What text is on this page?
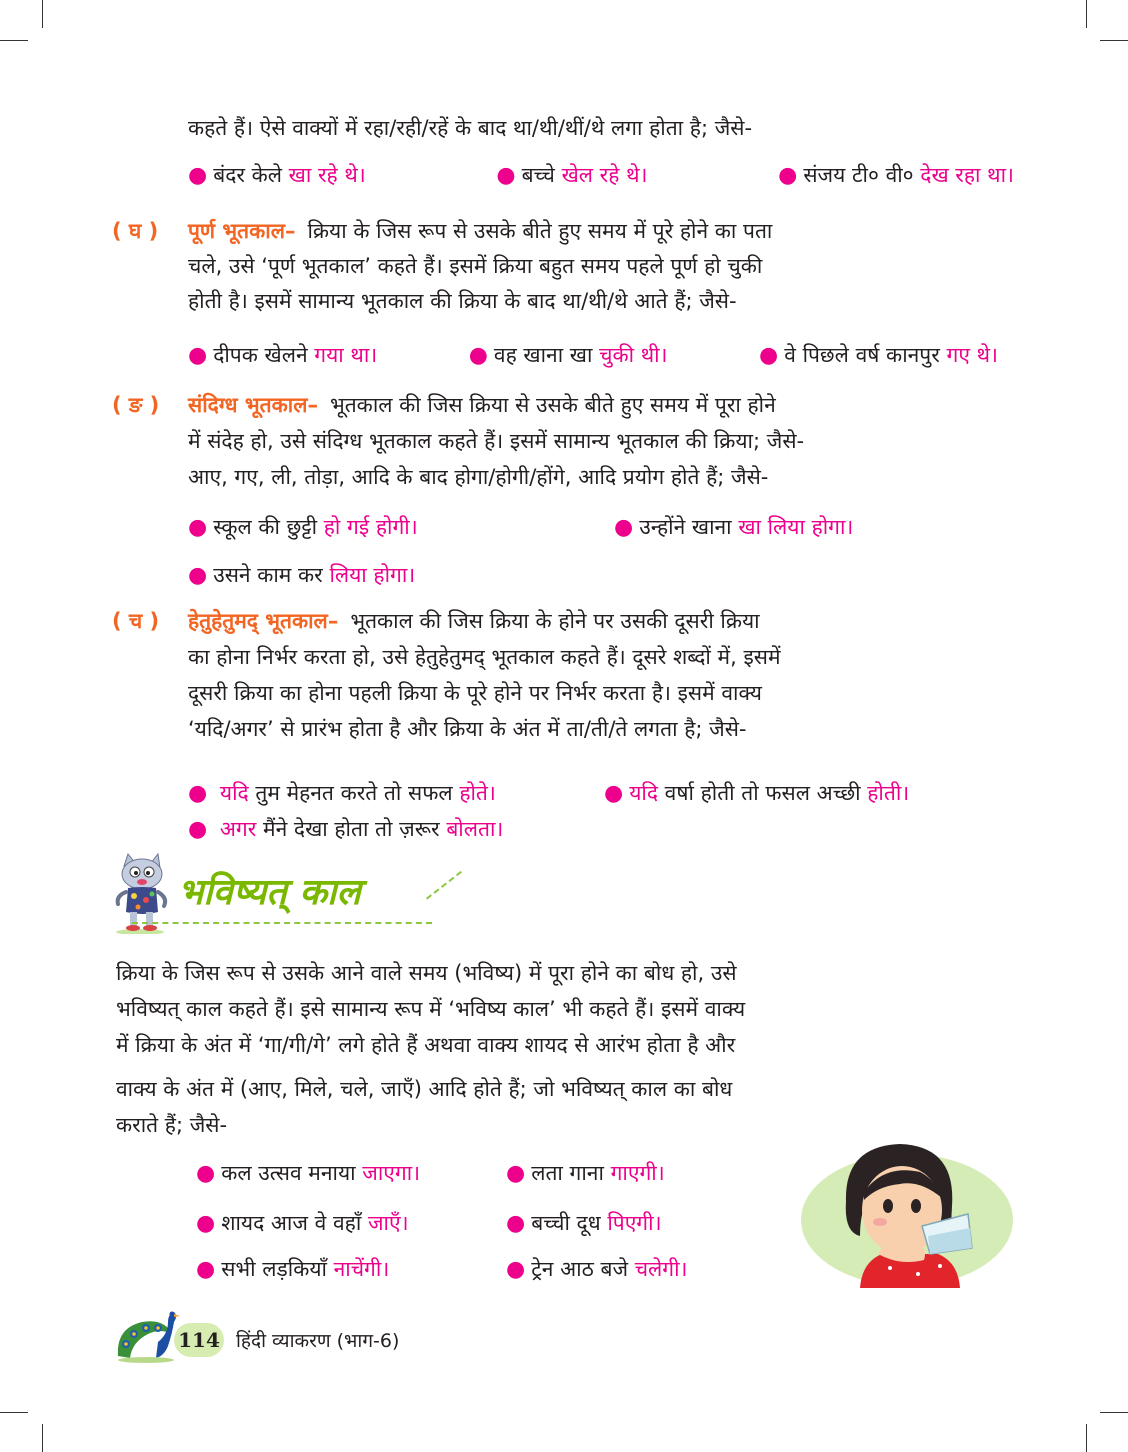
कहते हैं। ऐसे वाक्यों में रहा/रही/रहें के बाद था/थी/थीं/थे लगा होता है; जैसे-
● बंदर केले खा रहे थे।	● बच्चे खेल रहे थे।	● संजय टी० वी० देख रहा था।
( घ ) पूर्ण भूतकाल – क्रिया के जिस रूप से उसके बीते हुए समय में पूरे होने का पता
चले, उसे ‘पूर्ण भूतकाल’ कहते हैं। इसमें क्रिया बहुत समय पहले पूर्ण हो चुकी
होती है। इसमें सामान्य भूतकाल की क्रिया के बाद था/थी/थे आते हैं; जैसे-
● दीपक खेलने गया था।	● वह खाना खा चुकी थी।	● वे पिछले वर्ष कानपुर गए थे।
( ङ ) संदिग्ध भूतकाल – भूतकाल की जिस क्रिया से उसके बीते हुए समय में पूरा होने
में संदेह हो, उसे संदिग्ध भूतकाल कहते हैं। इसमें सामान्य भूतकाल की क्रिया; जैसे-
आए, गए, ली, तोड़ा, आदि के बाद होगा/होगी/होंगे, आदि प्रयोग होते हैं; जैसे-
● स्कूल की छुट्टी हो गई होगी।	● उन्होंने खाना खा लिया होगा।
● उसने काम कर लिया होगा।
( च ) हेतुहेतुमद् भूतकाल – भूतकाल की जिस क्रिया के होने पर उसकी दूसरी क्रिया
का होना निर्भर करता हो, उसे हेतुहेतुमद् भूतकाल कहते हैं। दूसरे शब्दों में, इसमें
दूसरी क्रिया का होना पहली क्रिया के पूरे होने पर निर्भर करता है। इसमें वाक्य
‘यदि/अगर’ से प्रारंभ होता है और क्रिया के अंत में ता/ती/ते लगता है; जैसे-
● यदि तुम मेहनत करते तो सफल होते।	● यदि वर्षा होती तो फसल अच्छी होती।
● अगर मैंने देखा होता तो ज़रूर बोलता।
भविष्यत् काल
क्रिया के जिस रूप से उसके आने वाले समय (भविष्य) में पूरा होने का बोध हो, उसे
भविष्यत् काल कहते हैं। इसे सामान्य रूप में ‘भविष्य काल’ भी कहते हैं। इसमें वाक्य
में क्रिया के अंत में ‘गा/गी/गे’ लगे होते हैं अथवा वाक्य शायद से आरंभ होता है और
वाक्य के अंत में (आए, मिले, चले, जाएँ) आदि होते हैं; जो भविष्यत् काल का बोध
कराते हैं; जैसे-
● कल उत्सव मनाया जाएगा।	● लता गाना गाएगी।
● शायद आज वे वहाँ जाएँ।	● बच्ची दूध पिएगी।
● सभी लड़कियाँ नाचेंगी।	● ट्रेन आठ बजे चलेगी।
114 हिंदी व्याकरण (भाग-6)
